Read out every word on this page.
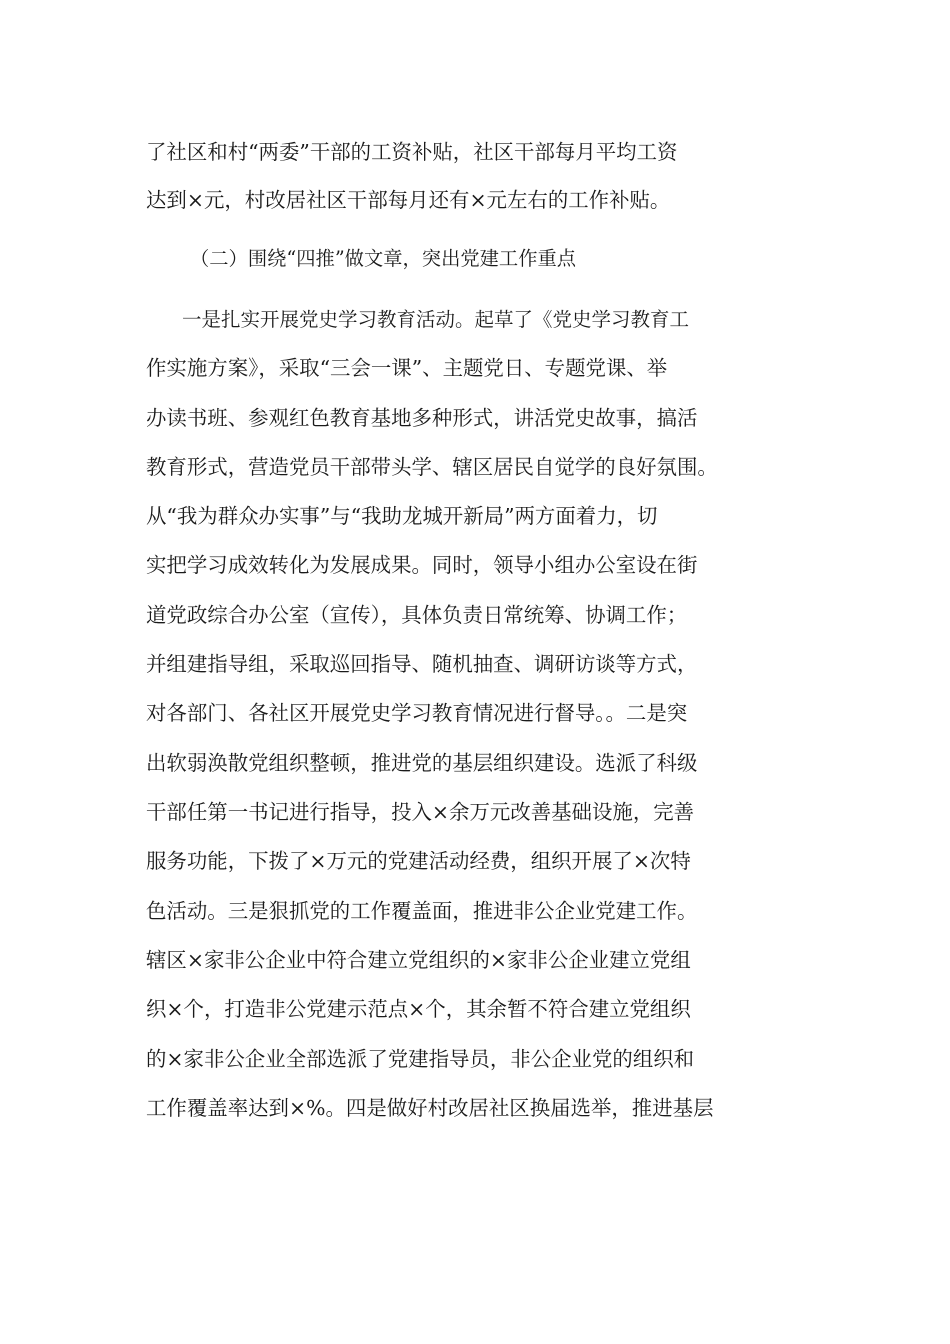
了社区和村“两委”干部的工资补贴，社区干部每月平均工资
达到×元，村改居社区干部每月还有×元左右的工作补贴。
（二）围绕“四推”做文章，突出党建工作重点
一是扎实开展党史学习教育活动。起草了《党史学习教育工
作实施方案》，采取“三会一课”、主题党日、专题党课、举
办读书班、参观红色教育基地多种形式，讲活党史故事，搞活
教育形式，营造党员干部带头学、辖区居民自觉学的良好氛围。
从“我为群众办实事”与“我助龙城开新局”两方面着力，切
实把学习成效转化为发展成果。同时，领导小组办公室设在街
道党政综合办公室（宣传），具体负责日常统筹、协调工作；
并组建指导组，采取巡回指导、随机抽查、调研访谈等方式，
对各部门、各社区开展党史学习教育情况进行督导。。二是突
出软弱涣散党组织整顿，推进党的基层组织建设。选派了科级
干部任第一书记进行指导，投入×余万元改善基础设施，完善
服务功能，下拨了×万元的党建活动经费，组织开展了×次特
色活动。三是狠抓党的工作覆盖面，推进非公企业党建工作。
辖区×家非公企业中符合建立党组织的×家非公企业建立党组
织×个，打造非公党建示范点×个，其余暂不符合建立党组织
的×家非公企业全部选派了党建指导员，非公企业党的组织和
工作覆盖率达到×%。四是做好村改居社区换届选举，推进基层
